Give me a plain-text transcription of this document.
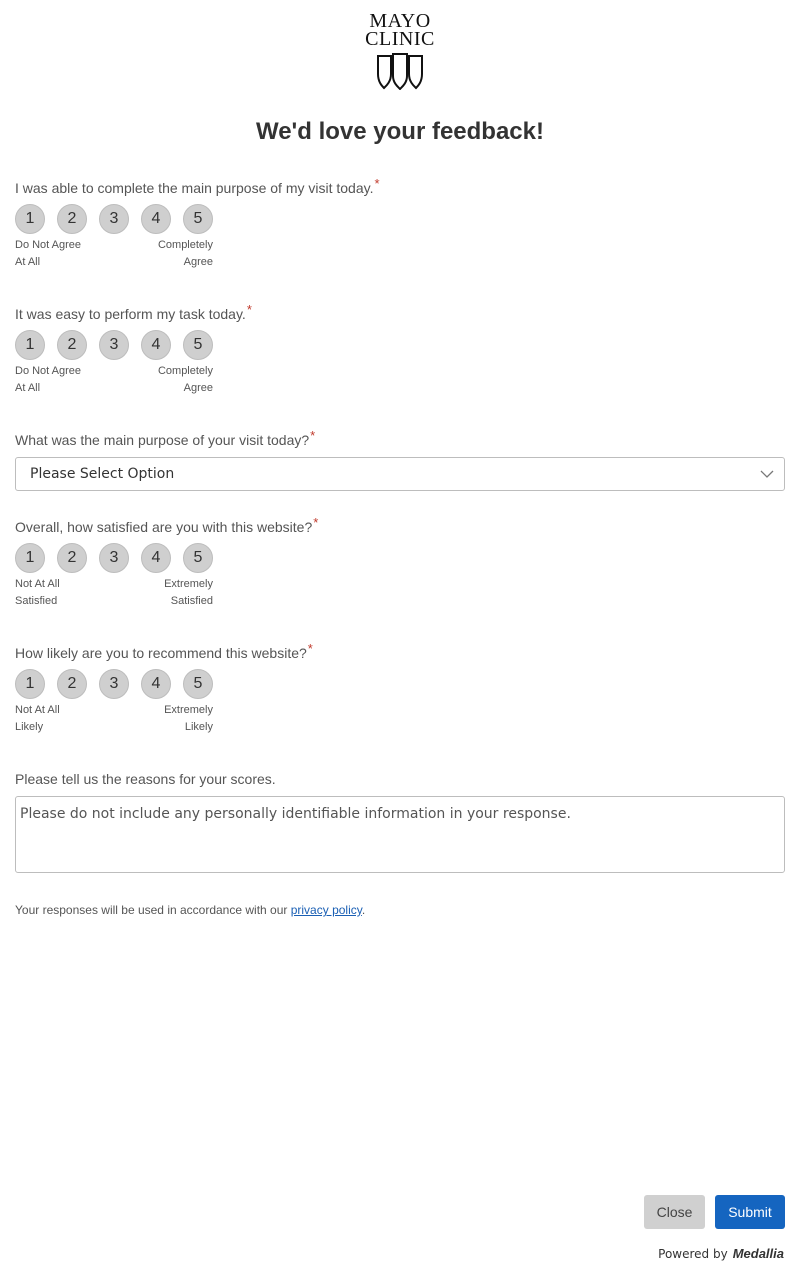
MAYO
CLINIC
We'd love your feedback!
I was able to complete the main purpose of my visit today.*
1	2	3	4	5
Do Not Agree
At All
Completely
Agree
It was easy to perform my task today.*
1	2	3	4	5
Do Not Agree
At All
Completely
Agree
What was the main purpose of your visit today?*
Please Select Option
Overall, how satisfied are you with this website?*
1	2	3	4	5
Not At All
Satisfied
Extremely
Satisfied
How likely are you to recommend this website?*
1	2	3	4	5
Not At All
Likely
Extremely
Likely
Please tell us the reasons for your scores.
Please do not include any personally identifiable information in your response.
Your responses will be used in accordance with our privacy policy.
Close	Submit
Powered by Medallia
